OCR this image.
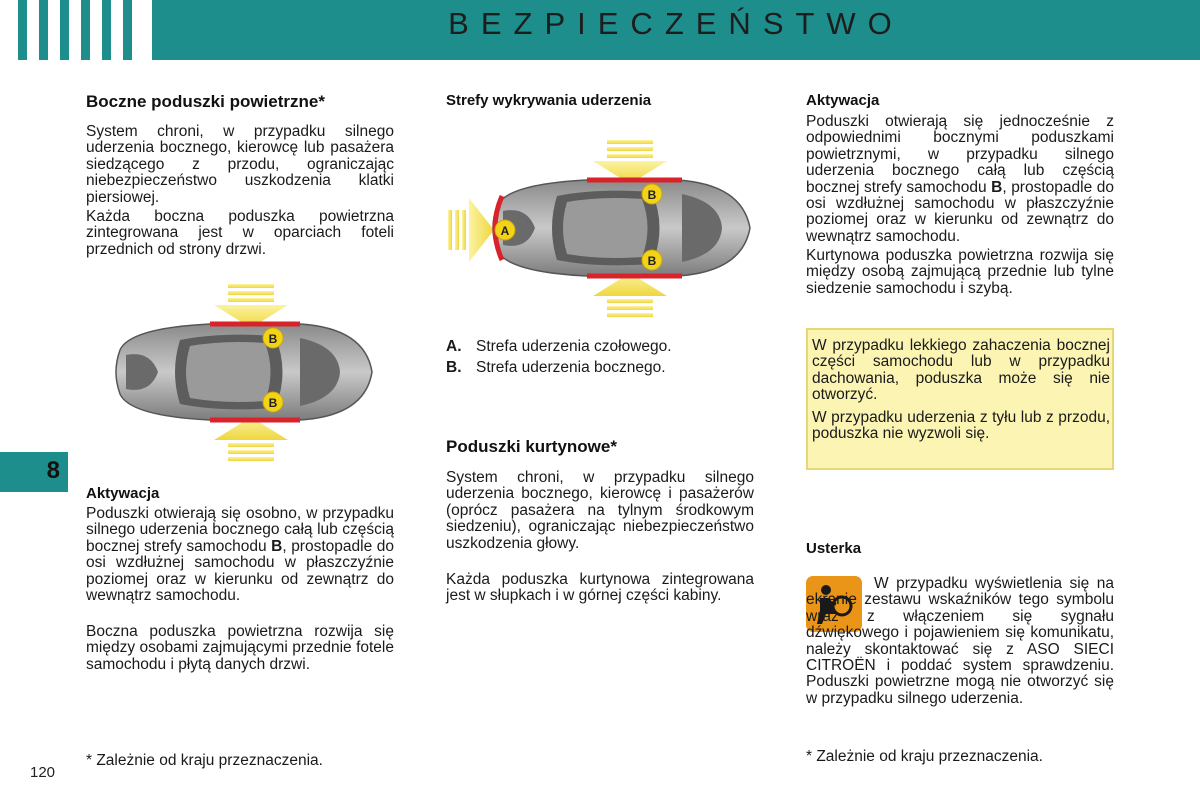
BEZPIECZEŃSTWO
8
Boczne poduszki powietrzne*
System chroni, w przypadku silnego uderzenia bocznego, kierowcę lub pasażera siedzącego z przodu, ograniczając niebezpieczeństwo uszkodzenia klatki piersiowej.
Każda boczna poduszka powietrzna zintegrowana jest w oparciach foteli przednich od strony drzwi.
B
B
Aktywacja
Poduszki otwierają się osobno, w przypadku silnego uderzenia bocznego całą lub częścią bocznej strefy samochodu B, prostopadle do osi wzdłużnej samochodu w płaszczyźnie poziomej oraz w kierunku od zewnątrz do wewnątrz samochodu.
Boczna poduszka powietrzna rozwija się między osobami zajmującymi przednie fotele samochodu i płytą danych drzwi.
* Zależnie od kraju przeznaczenia.
Strefy wykrywania uderzenia
A
B
B
A. Strefa uderzenia czołowego.
B. Strefa uderzenia bocznego.
Poduszki kurtynowe*
System chroni, w przypadku silnego uderzenia bocznego, kierowcę i pasażerów (oprócz pasażera na tylnym środkowym siedzeniu), ograniczając niebezpieczeństwo uszkodzenia głowy.
Każda poduszka kurtynowa zintegrowana jest w słupkach i w górnej części kabiny.
Aktywacja
Poduszki otwierają się jednocześnie z odpowiednimi bocznymi poduszkami powietrznymi, w przypadku silnego uderzenia bocznego całą lub częścią bocznej strefy samochodu B, prostopadle do osi wzdłużnej samochodu w płaszczyźnie poziomej oraz w kierunku od zewnątrz do wewnątrz samochodu.
Kurtynowa poduszka powietrzna rozwija się między osobą zajmującą przednie lub tylne siedzenie samochodu i szybą.
W przypadku lekkiego zahaczenia bocznej części samochodu lub w przypadku dachowania, poduszka może się nie otworzyć.
W przypadku uderzenia z tyłu lub z przodu, poduszka nie wyzwoli się.
Usterka
W przypadku wyświetlenia się na ekranie zestawu wskaźników tego symbolu wraz z włączeniem się sygnału dźwiękowego i pojawieniem się komunikatu, należy skontaktować się z ASO SIECI CITROËN i poddać system sprawdzeniu. Poduszki powietrzne mogą nie otworzyć się w przypadku silnego uderzenia.
* Zależnie od kraju przeznaczenia.
120
